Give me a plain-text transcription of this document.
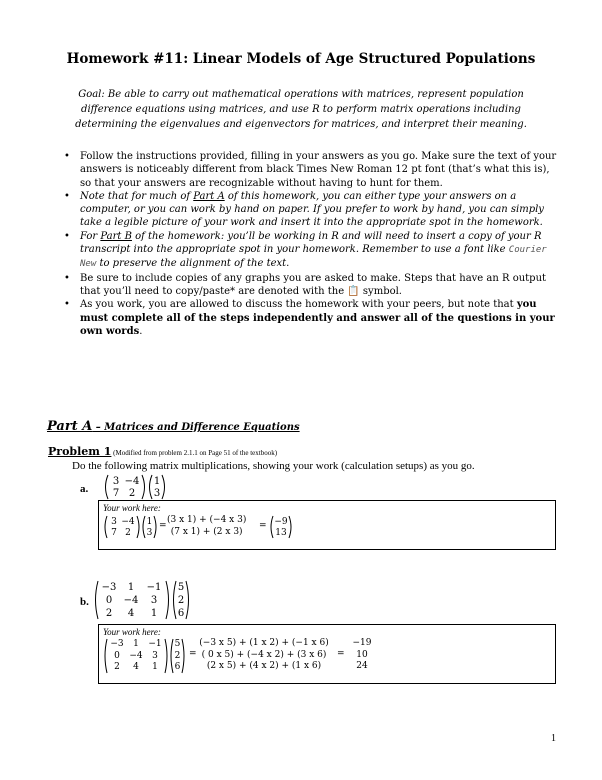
Homework #11: Linear Models of Age Structured Populations
Goal: Be able to carry out mathematical operations with matrices, represent population difference equations using matrices, and use R to perform matrix operations including determining the eigenvalues and eigenvectors for matrices, and interpret their meaning.
• Follow the instructions provided, filling in your answers as you go. Make sure the text of your answers is noticeably different from black Times New Roman 12 pt font (that’s what this is), so that your answers are recognizable without having to hunt for them.
• Note that for much of Part A of this homework, you can either type your answers on a computer, or you can work by hand on paper. If you prefer to work by hand, you can simply take a legible picture of your work and insert it into the appropriate spot in the homework.
• For Part B of the homework: you’ll be working in R and will need to insert a copy of your R transcript into the appropriate spot in your homework. Remember to use a font like Courier New to preserve the alignment of the text.
• Be sure to include copies of any graphs you are asked to make. Steps that have an R output that you’ll need to copy/paste* are denoted with the 📋 symbol.
• As you work, you are allowed to discuss the homework with your peers, but note that you must complete all of the steps independently and answer all of the questions in your own words.
Part A – Matrices and Difference Equations
Problem 1 (Modified from problem 2.1.1 on Page 51 of the textbook)
Do the following matrix multiplications, showing your work (calculation setups) as you go.
a.
3 −4
7 2
1
3
Your work here:
3 −4
7 2
1
3
=
(3 x 1) + (−4 x 3)
(7 x 1) + (2 x 3)
= −9
13
b.
−3	1	−1
0	−4	3
2	4	1
5
2
6
Your work here:
−3	1	−1
0	−4	3
2	4	1
5
2
6
=
(−3 x 5) + (1 x 2) + (−1 x 6)
( 0 x 5) + (−4 x 2) + (3 x 6)
(2 x 5) + (4 x 2) + (1 x 6)
=
−19
10
24
1
